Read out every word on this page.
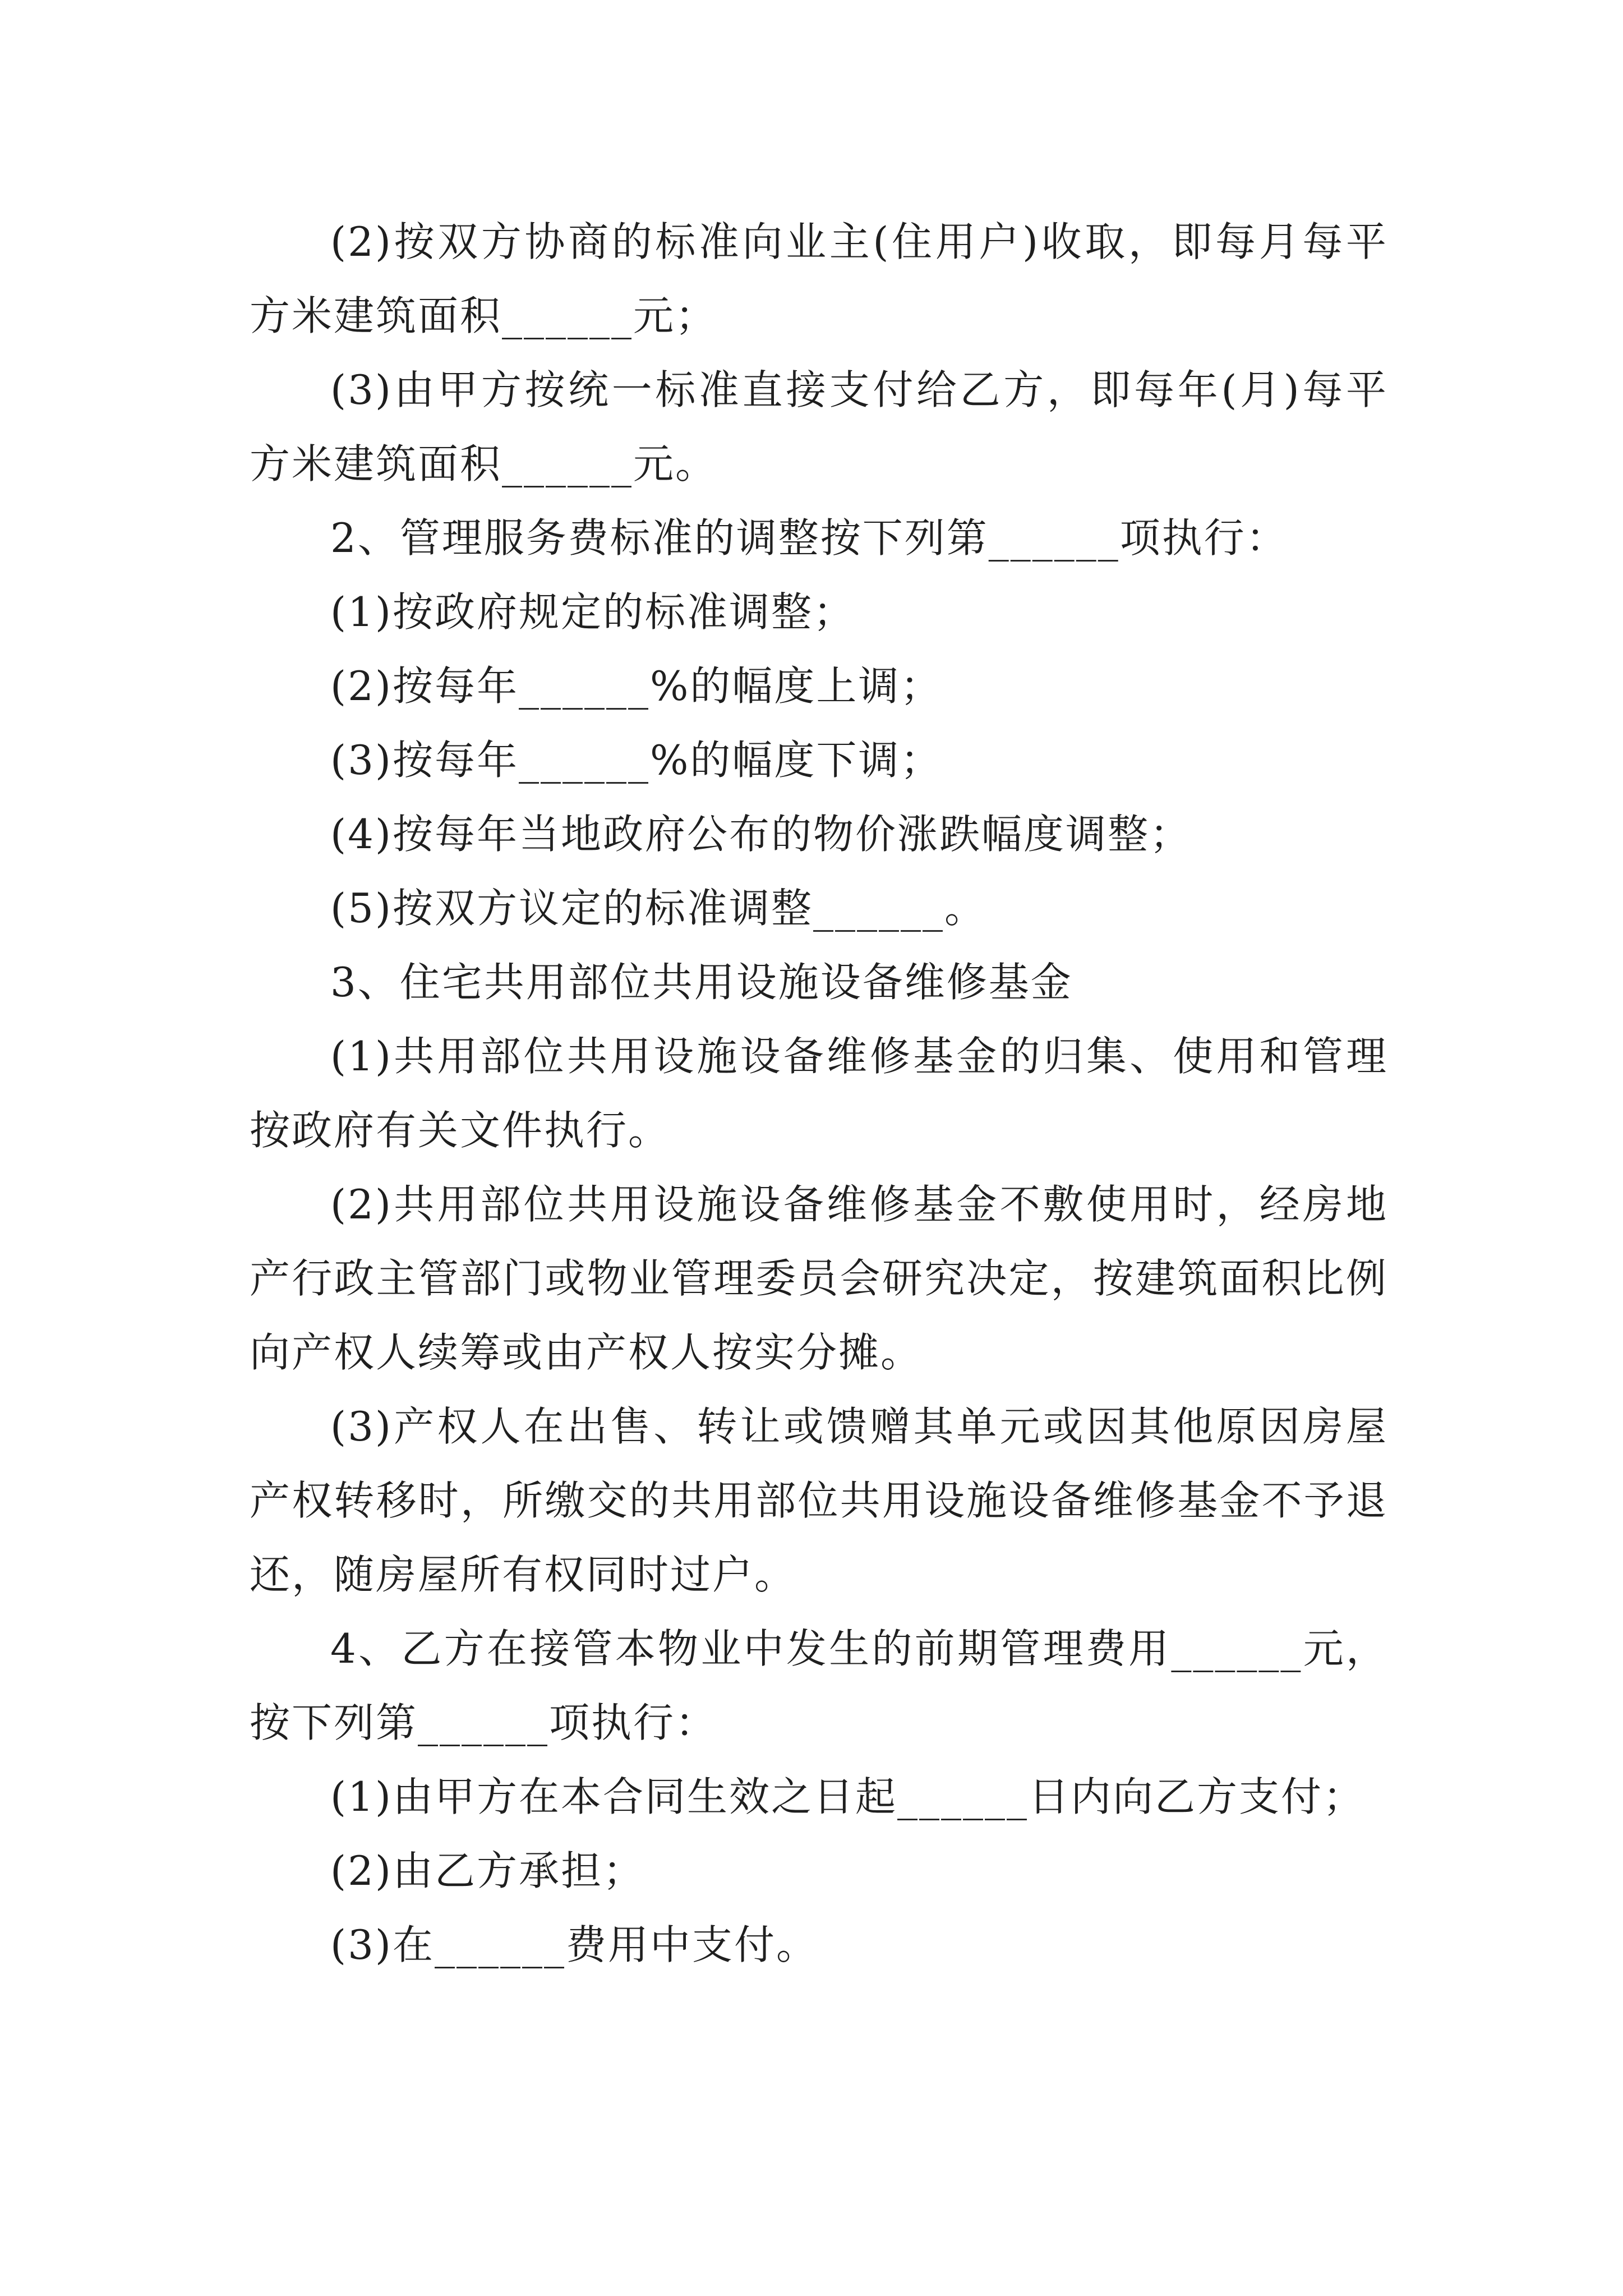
(2)按双方协商的标准向业主(住用户)收取，即每月每平方米建筑面积______元；

(3)由甲方按统一标准直接支付给乙方，即每年(月)每平方米建筑面积______元。

2、管理服务费标准的调整按下列第______项执行：

(1)按政府规定的标准调整；

(2)按每年______%的幅度上调；

(3)按每年______%的幅度下调；

(4)按每年当地政府公布的物价涨跌幅度调整；

(5)按双方议定的标准调整______。

3、住宅共用部位共用设施设备维修基金

(1)共用部位共用设施设备维修基金的归集、使用和管理按政府有关文件执行。

(2)共用部位共用设施设备维修基金不敷使用时，经房地产行政主管部门或物业管理委员会研究决定，按建筑面积比例向产权人续筹或由产权人按实分摊。

(3)产权人在出售、转让或馈赠其单元或因其他原因房屋产权转移时，所缴交的共用部位共用设施设备维修基金不予退还，随房屋所有权同时过户。

4、乙方在接管本物业中发生的前期管理费用______元，按下列第______项执行：

(1)由甲方在本合同生效之日起______日内向乙方支付；

(2)由乙方承担；

(3)在______费用中支付。
